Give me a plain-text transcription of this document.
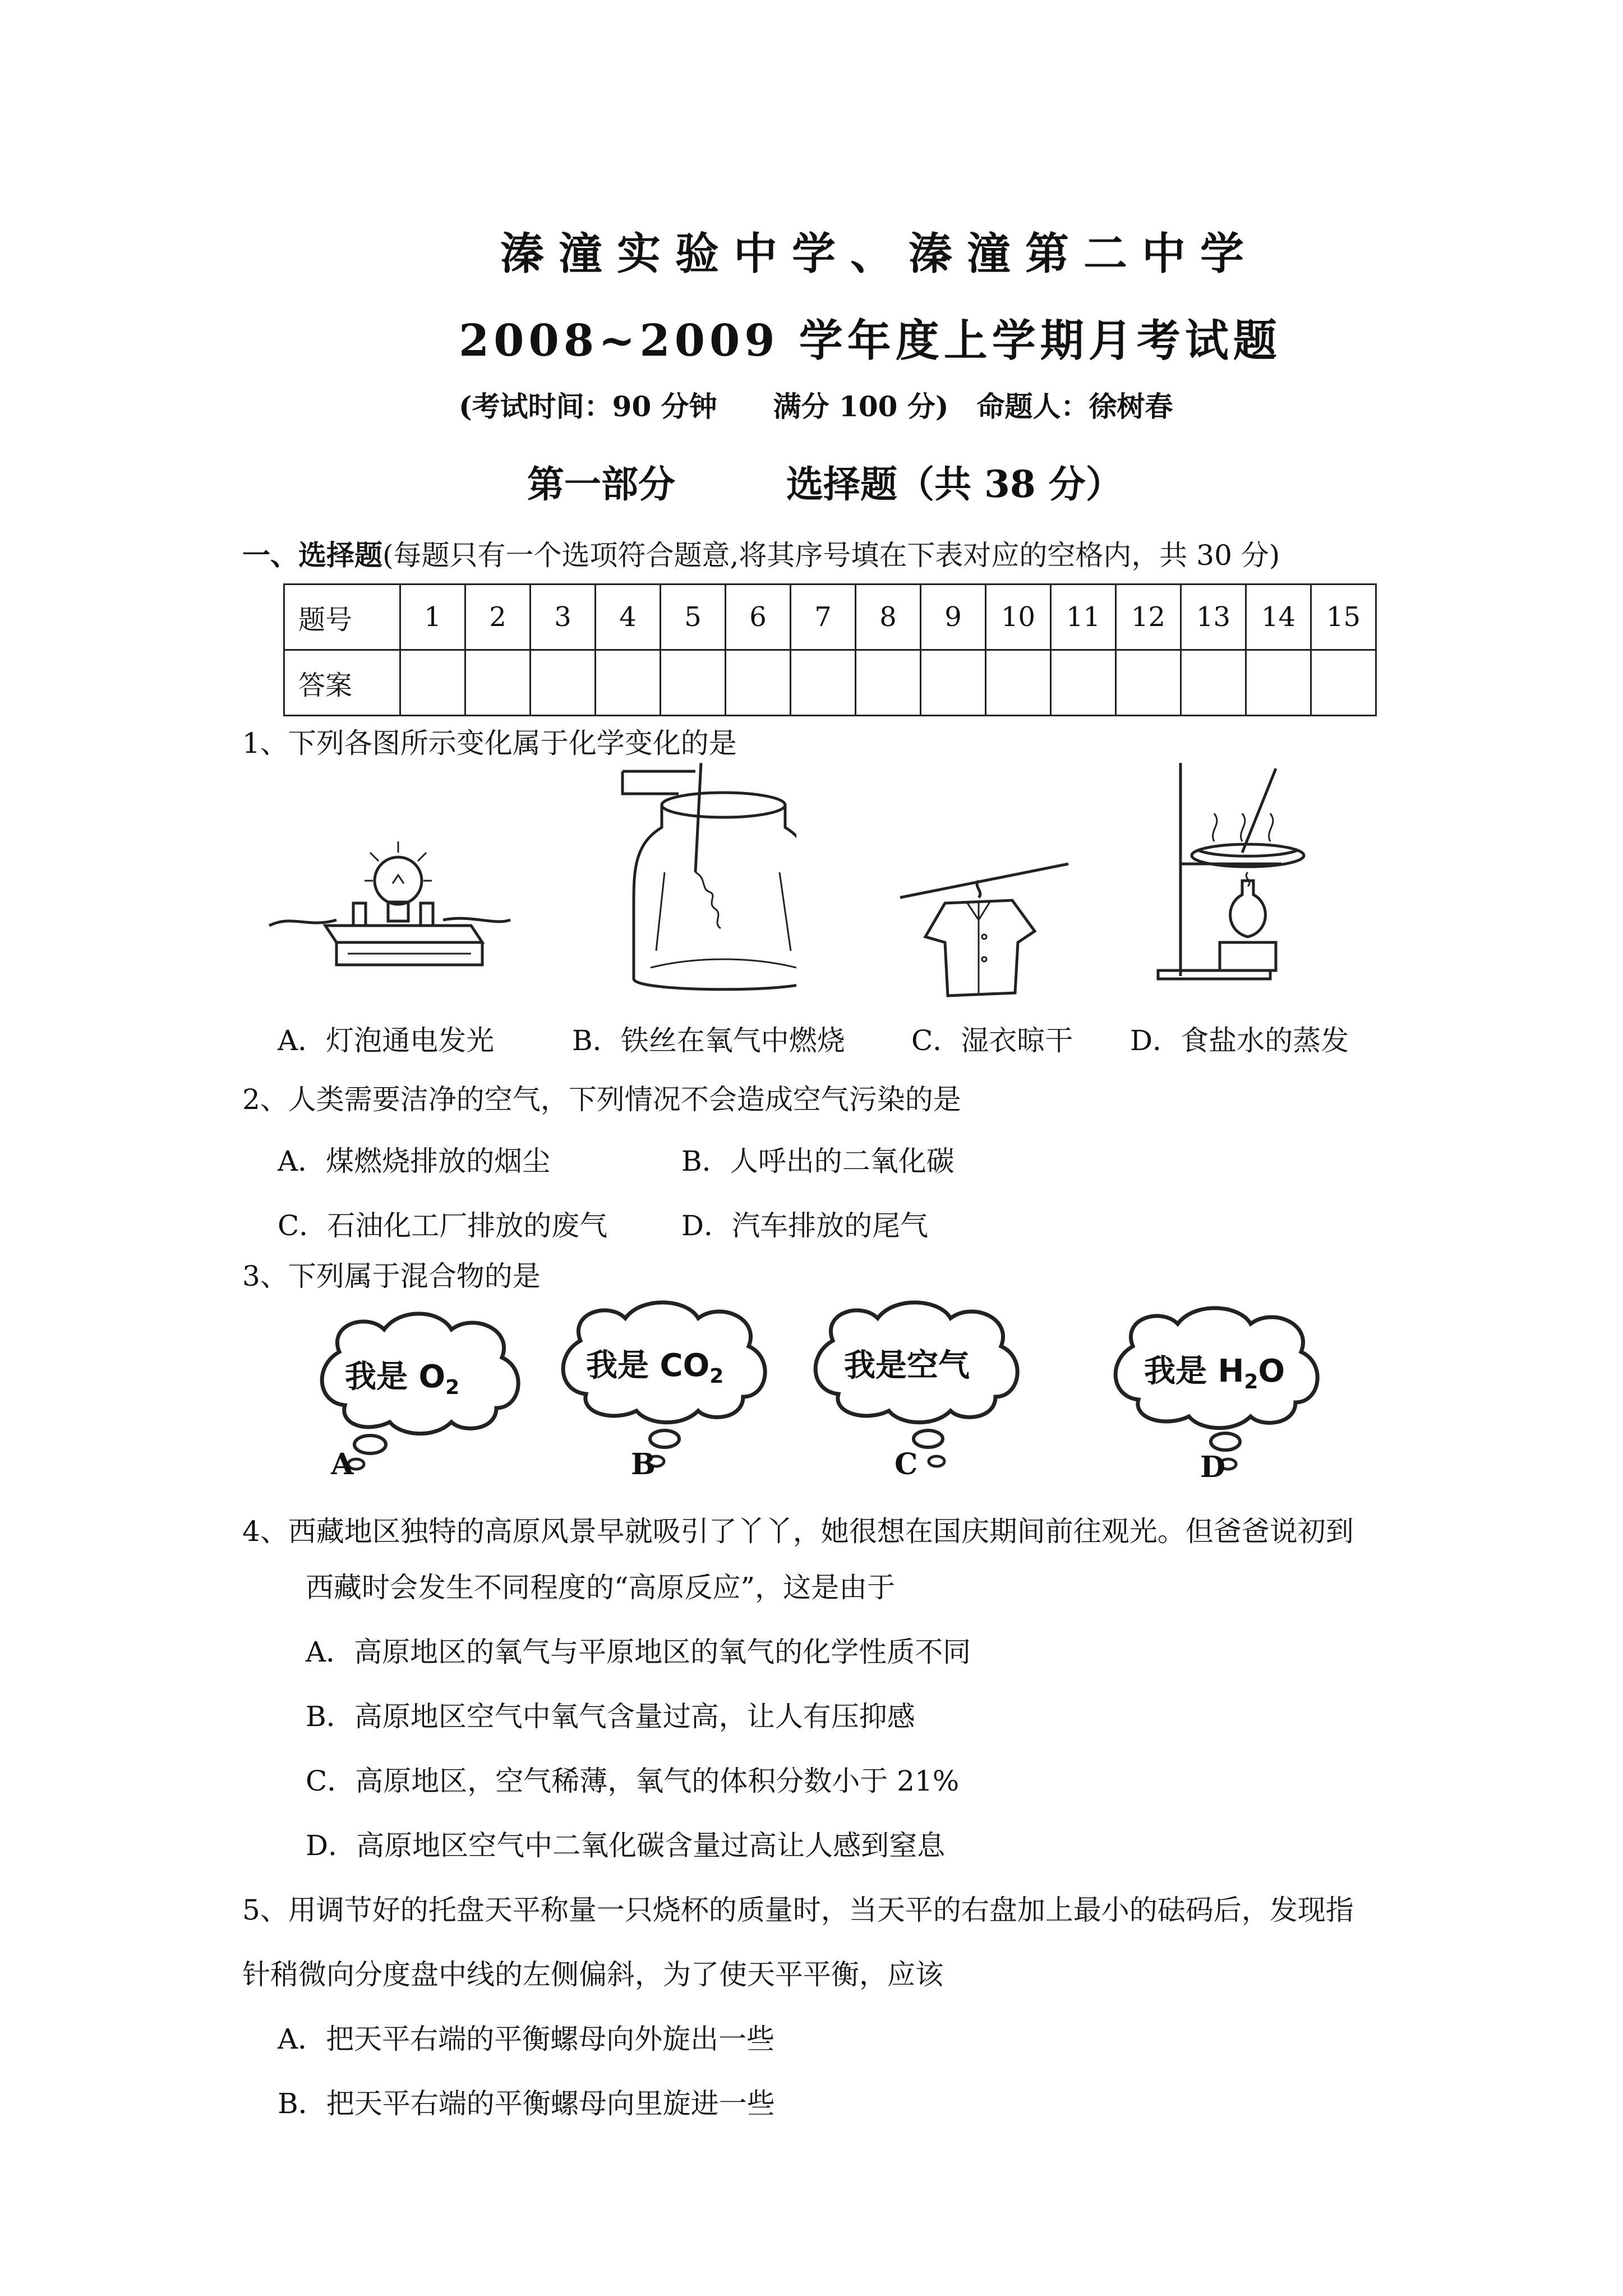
溱潼实验中学、溱潼第二中学
2008~2009 学年度上学期月考试题
(考试时间：90 分钟　　满分 100 分)　命题人：徐树春
第一部分　　　选择题（共 38 分）
一、选择题(每题只有一个选项符合题意,将其序号填在下表对应的空格内，共 30 分)
题号	1	2	3	4	5	6	7	8	9	10	11	12	13	14	15
答案															
1、下列各图所示变化属于化学变化的是
A．灯泡通电发光	B．铁丝在氧气中燃烧 C．湿衣晾干 D．食盐水的蒸发
2、人类需要洁净的空气，下列情况不会造成空气污染的是
A．煤燃烧排放的烟尘	B．人呼出的二氧化碳
C．石油化工厂排放的废气	D．汽车排放的尾气
3、下列属于混合物的是
我是 $O_2$
A
我是 $CO_2$
B
我是空气
C
我是 $H_2O$
D
4、西藏地区独特的高原风景早就吸引了丫丫，她很想在国庆期间前往观光。但爸爸说初到
西藏时会发生不同程度的“高原反应”，这是由于
A．高原地区的氧气与平原地区的氧气的化学性质不同
B．高原地区空气中氧气含量过高，让人有压抑感
C．高原地区，空气稀薄，氧气的体积分数小于 21%
D．高原地区空气中二氧化碳含量过高让人感到窒息
5、用调节好的托盘天平称量一只烧杯的质量时，当天平的右盘加上最小的砝码后，发现指
针稍微向分度盘中线的左侧偏斜，为了使天平平衡，应该
A．把天平右端的平衡螺母向外旋出一些
B．把天平右端的平衡螺母向里旋进一些
